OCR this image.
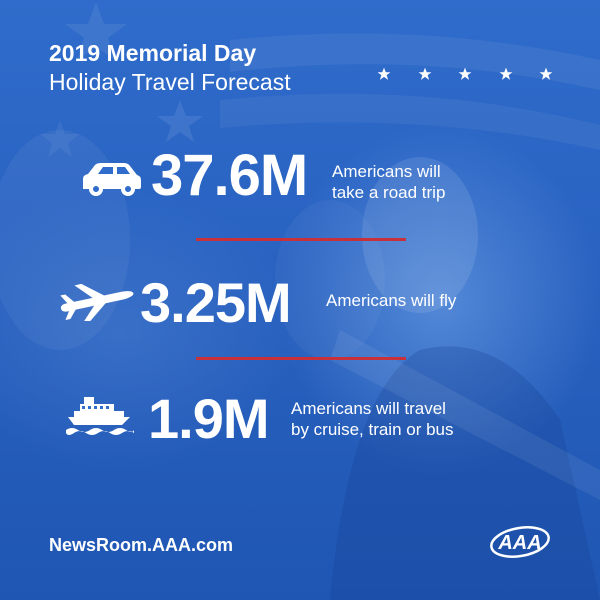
2019 Memorial Day
Holiday Travel Forecast
37.6M Americans will
take a road trip
3.25M Americans will fly
1.9M Americans will travel
by cruise, train or bus
NewsRoom.AAA.com	AAA
